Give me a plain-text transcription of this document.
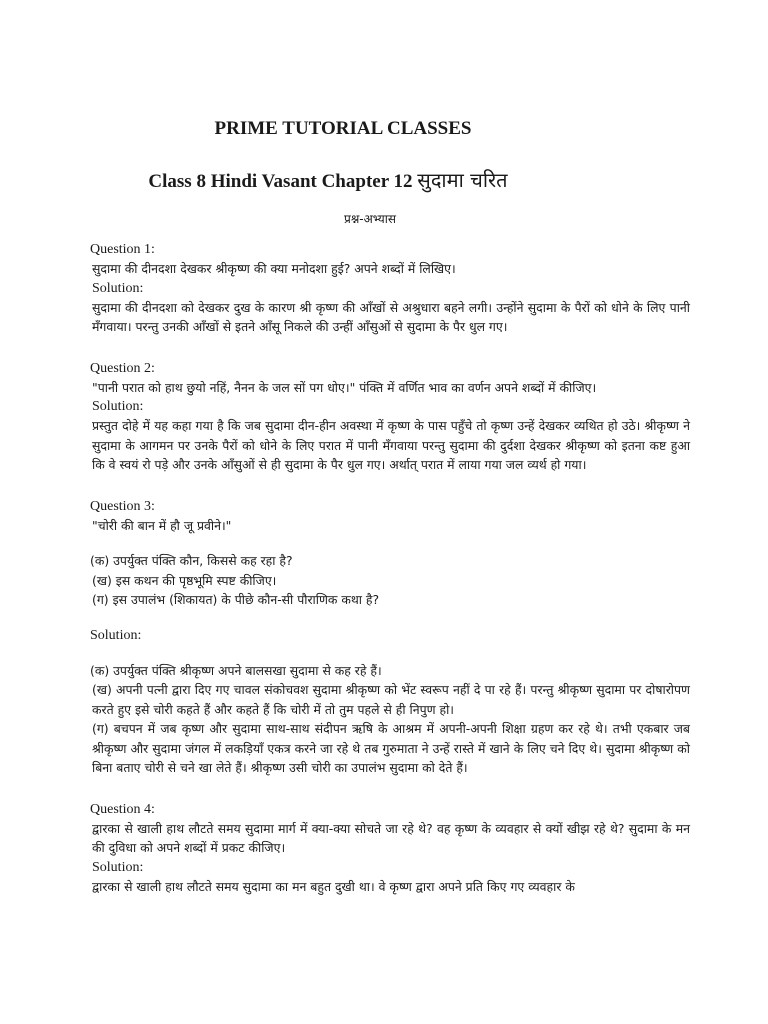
PRIME TUTORIAL CLASSES
Class 8 Hindi Vasant Chapter 12 सुदामा चरित
प्रश्न-अभ्यास
Question 1:
सुदामा की दीनदशा देखकर श्रीकृष्ण की क्या मनोदशा हुई? अपने शब्दों में लिखिए।
Solution:
सुदामा की दीनदशा को देखकर दुख के कारण श्री कृष्ण की आँखों से अश्रुधारा बहने लगी। उन्होंने सुदामा के पैरों को धोने के लिए पानी मँगवाया। परन्तु उनकी आँखों से इतने आँसू निकले की उन्हीं आँसुओं से सुदामा के पैर धुल गए।
Question 2:
"पानी परात को हाथ छुयो नहिं, नैनन के जल सों पग धोए।" पंक्ति में वर्णित भाव का वर्णन अपने शब्दों में कीजिए।
Solution:
प्रस्तुत दोहे में यह कहा गया है कि जब सुदामा दीन-हीन अवस्था में कृष्ण के पास पहुँचे तो कृष्ण उन्हें देखकर व्यथित हो उठे। श्रीकृष्ण ने सुदामा के आगमन पर उनके पैरों को धोने के लिए परात में पानी मँगवाया परन्तु सुदामा की दुर्दशा देखकर श्रीकृष्ण को इतना कष्ट हुआ कि वे स्वयं रो पड़े और उनके आँसुओं से ही सुदामा के पैर धुल गए। अर्थात् परात में लाया गया जल व्यर्थ हो गया।
Question 3:
"चोरी की बान में हौ जू प्रवीने।"
(क) उपर्युक्त पंक्ति कौन, किससे कह रहा है?
(ख) इस कथन की पृष्ठभूमि स्पष्ट कीजिए।
(ग) इस उपालंभ (शिकायत) के पीछे कौन-सी पौराणिक कथा है?
Solution:
(क) उपर्युक्त पंक्ति श्रीकृष्ण अपने बालसखा सुदामा से कह रहे हैं।
(ख) अपनी पत्नी द्वारा दिए गए चावल संकोचवश सुदामा श्रीकृष्ण को भेंट स्वरूप नहीं दे पा रहे हैं। परन्तु श्रीकृष्ण सुदामा पर दोषारोपण करते हुए इसे चोरी कहते हैं और कहते हैं कि चोरी में तो तुम पहले से ही निपुण हो।
(ग) बचपन में जब कृष्ण और सुदामा साथ-साथ संदीपन ऋषि के आश्रम में अपनी-अपनी शिक्षा ग्रहण कर रहे थे। तभी एकबार जब श्रीकृष्ण और सुदामा जंगल में लकड़ियाँ एकत्र करने जा रहे थे तब गुरुमाता ने उन्हें रास्ते में खाने के लिए चने दिए थे। सुदामा श्रीकृष्ण को बिना बताए चोरी से चने खा लेते हैं। श्रीकृष्ण उसी चोरी का उपालंभ सुदामा को देते हैं।
Question 4:
द्वारका से खाली हाथ लौटते समय सुदामा मार्ग में क्या-क्या सोचते जा रहे थे? वह कृष्ण के व्यवहार से क्यों खीझ रहे थे? सुदामा के मन की दुविधा को अपने शब्दों में प्रकट कीजिए।
Solution:
द्वारका से खाली हाथ लौटते समय सुदामा का मन बहुत दुखी था। वे कृष्ण द्वारा अपने प्रति किए गए व्यवहार के
